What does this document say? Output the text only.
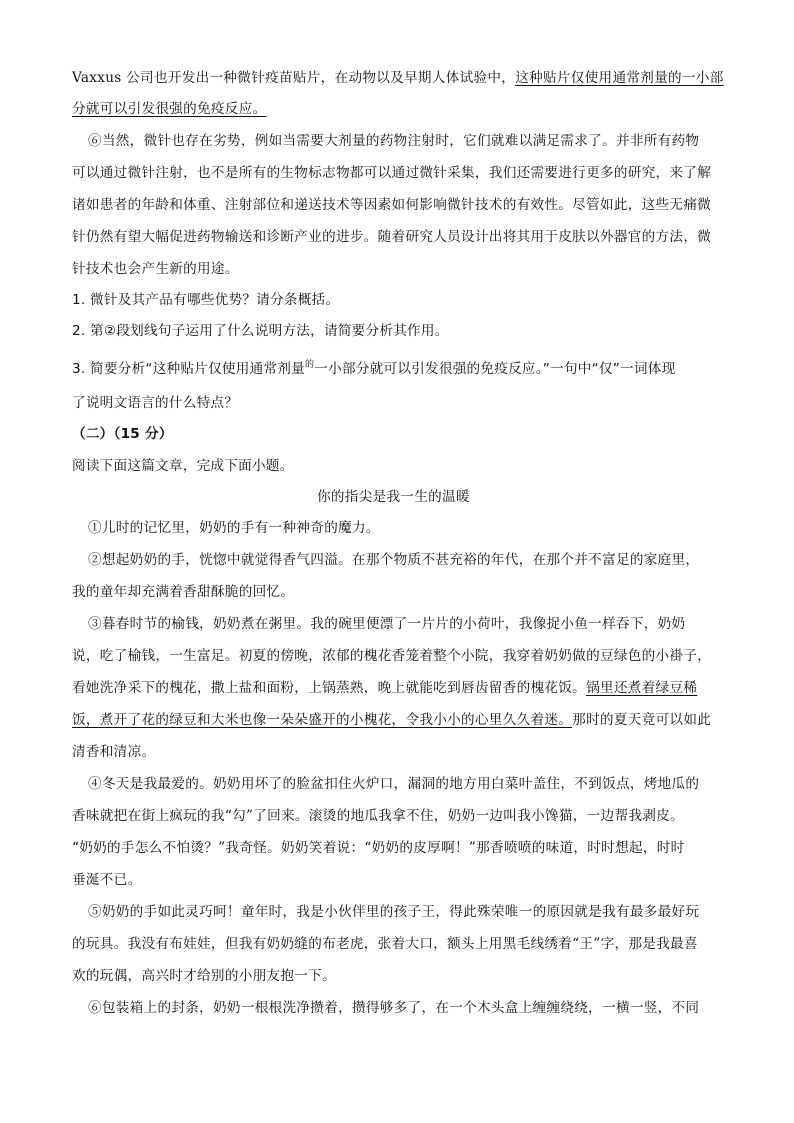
Vaxxus 公司也开发出一种微针疫苗贴片，在动物以及早期人体试验中，这种贴片仅使用通常剂量的一小部

分就可以引发很强的免疫反应。

⑥当然，微针也存在劣势，例如当需要大剂量的药物注射时，它们就难以满足需求了。并非所有药物

可以通过微针注射，也不是所有的生物标志物都可以通过微针采集，我们还需要进行更多的研究，来了解

诸如患者的年龄和体重、注射部位和递送技术等因素如何影响微针技术的有效性。尽管如此，这些无痛微

针仍然有望大幅促进药物输送和诊断产业的进步。随着研究人员设计出将其用于皮肤以外器官的方法，微

针技术也会产生新的用途。

1. 微针及其产品有哪些优势？请分条概括。

2. 第②段划线句子运用了什么说明方法，请简要分析其作用。

3. 简要分析“这种贴片仅使用通常剂量$^的$一小部分就可以引发很强的免疫反应。”一句中“仅”一词体现

了说明文语言的什么特点？

（二）（15 分）

阅读下面这篇文章，完成下面小题。

你的指尖是我一生的温暖

①儿时的记忆里，奶奶的手有一种神奇的魔力。

②想起奶奶的手，恍惚中就觉得香气四溢。在那个物质不甚充裕的年代，在那个并不富足的家庭里，

我的童年却充满着香甜酥脆的回忆。

③暮春时节的榆钱，奶奶煮在粥里。我的碗里便漂了一片片的小荷叶，我像捉小鱼一样吞下，奶奶

说，吃了榆钱，一生富足。初夏的傍晚，浓郁的槐花香笼着整个小院，我穿着奶奶做的豆绿色的小褂子，

看她洗净采下的槐花，撒上盐和面粉，上锅蒸熟，晚上就能吃到唇齿留香的槐花饭。锅里还煮着绿豆稀

饭，煮开了花的绿豆和大米也像一朵朵盛开的小槐花，令我小小的心里久久着迷。那时的夏天竟可以如此

清香和清凉。

④冬天是我最爱的。奶奶用坏了的脸盆扣住火炉口，漏洞的地方用白菜叶盖住，不到饭点，烤地瓜的

香味就把在街上疯玩的我“勾”了回来。滚烫的地瓜我拿不住，奶奶一边叫我小馋猫，一边帮我剥皮。

“奶奶的手怎么不怕烫？”我奇怪。奶奶笑着说：“奶奶的皮厚啊！”那香喷喷的味道，时时想起，时时

垂涎不已。

⑤奶奶的手如此灵巧呵！童年时，我是小伙伴里的孩子王，得此殊荣唯一的原因就是我有最多最好玩

的玩具。我没有布娃娃，但我有奶奶缝的布老虎，张着大口，额头上用黑毛线绣着“王”字，那是我最喜

欢的玩偶，高兴时才给别的小朋友抱一下。

⑥包装箱上的封条，奶奶一根根洗净攒着，攒得够多了，在一个木头盒上缠缠绕绕，一横一竖，不同
